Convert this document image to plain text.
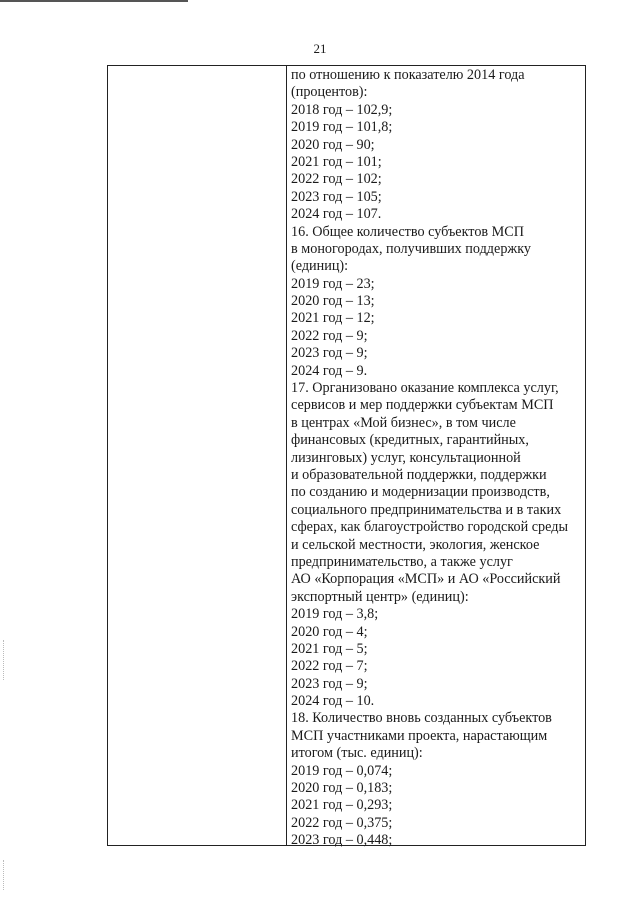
21
по отношению к показателю 2014 года
(процентов):
2018 год – 102,9;
2019 год – 101,8;
2020 год – 90;
2021 год – 101;
2022 год – 102;
2023 год – 105;
2024 год – 107.
16. Общее количество субъектов МСП
в моногородах, получивших поддержку
(единиц):
2019 год – 23;
2020 год – 13;
2021 год – 12;
2022 год – 9;
2023 год – 9;
2024 год – 9.
17. Организовано оказание комплекса услуг,
сервисов и мер поддержки субъектам МСП
в центрах «Мой бизнес», в том числе
финансовых (кредитных, гарантийных,
лизинговых) услуг, консультационной
и образовательной поддержки, поддержки
по созданию и модернизации производств,
социального предпринимательства и в таких
сферах, как благоустройство городской среды
и сельской местности, экология, женское
предпринимательство, а также услуг
АО «Корпорация «МСП» и АО «Российский
экспортный центр» (единиц):
2019 год – 3,8;
2020 год – 4;
2021 год – 5;
2022 год – 7;
2023 год – 9;
2024 год – 10.
18. Количество вновь созданных субъектов
МСП участниками проекта, нарастающим
итогом (тыс. единиц):
2019 год – 0,074;
2020 год – 0,183;
2021 год – 0,293;
2022 год – 0,375;
2023 год – 0,448;
